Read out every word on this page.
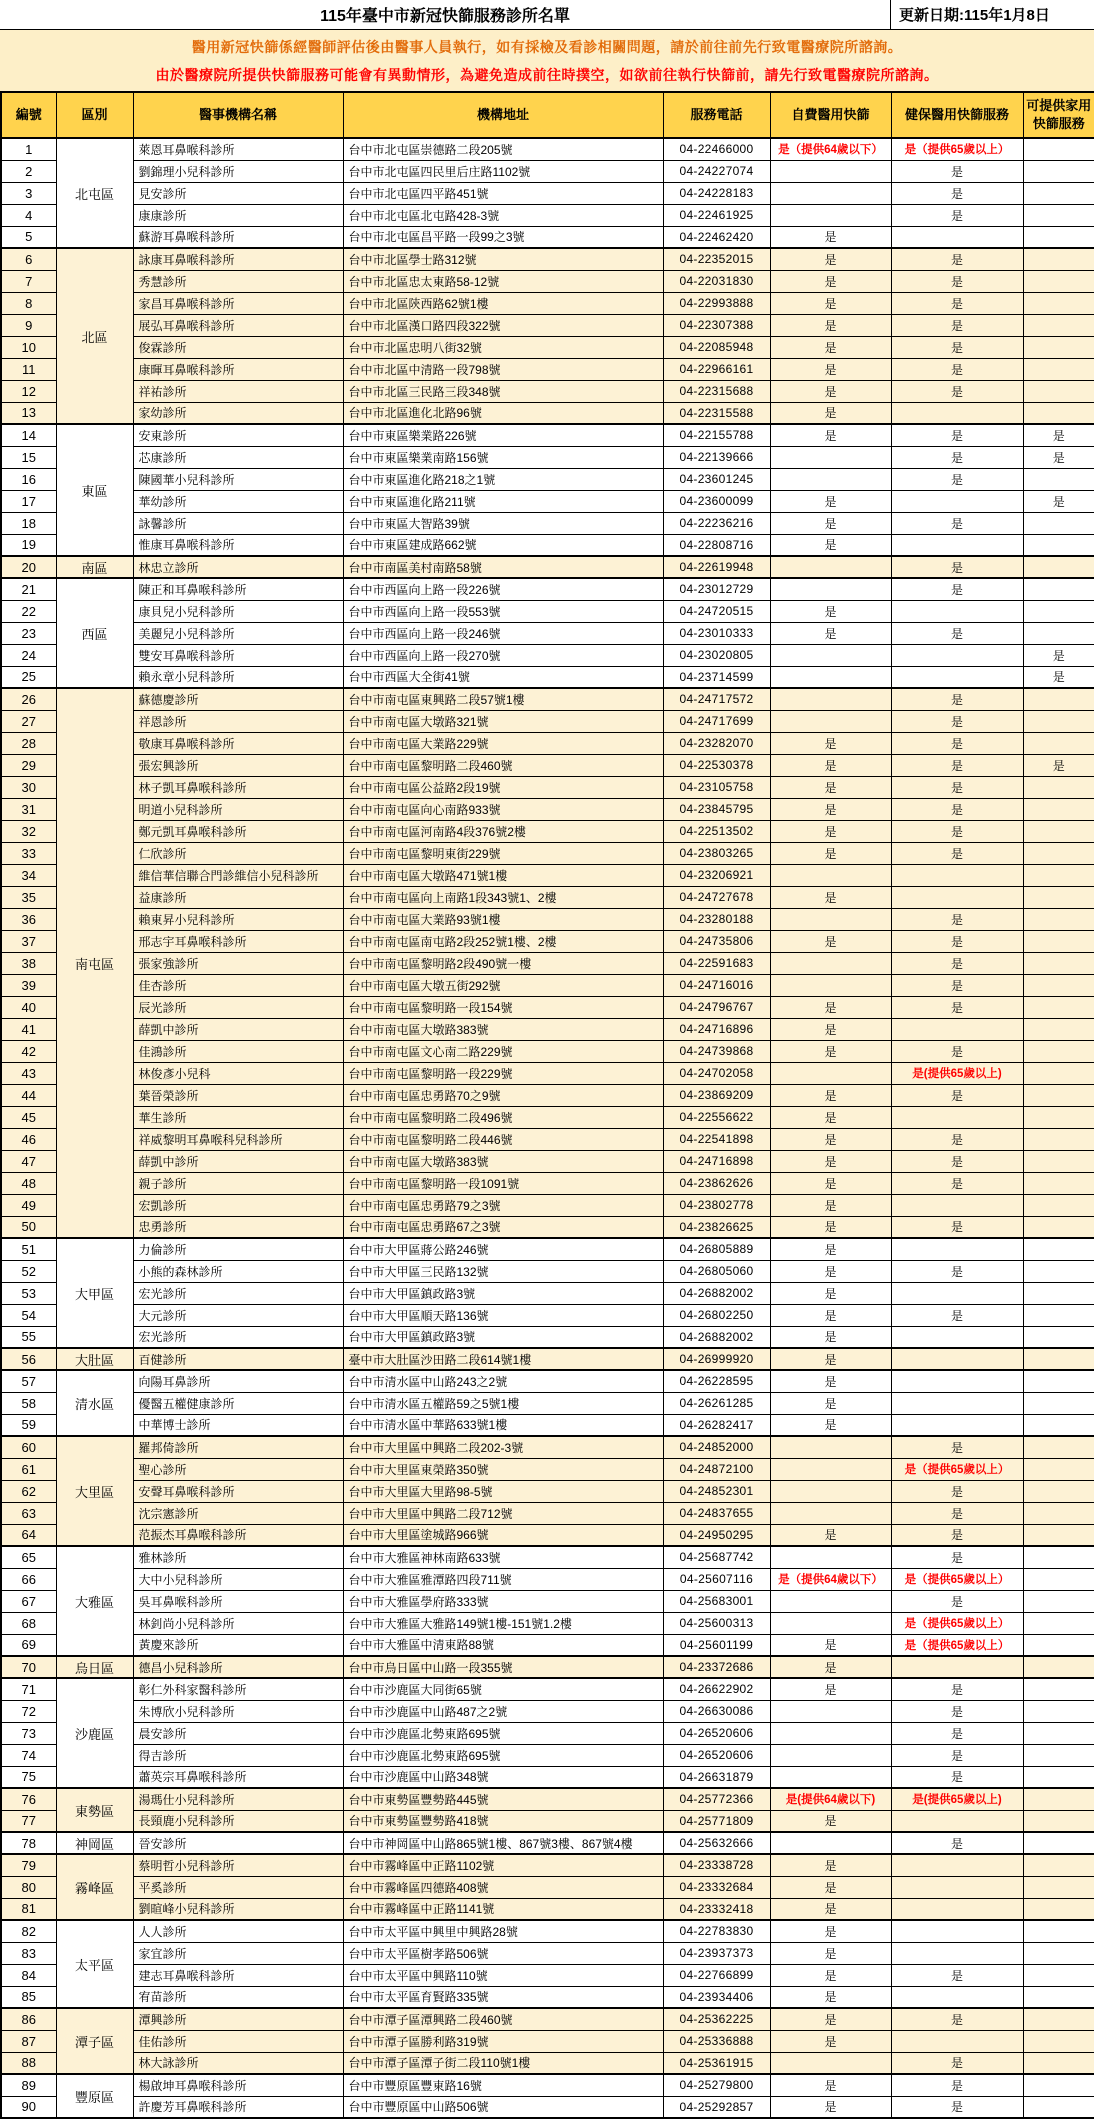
115年臺中市新冠快篩服務診所名單	更新日期:115年1月8日
醫用新冠快篩係經醫師評估後由醫事人員執行，如有採檢及看診相關問題，請於前往前先行致電醫療院所諮詢。
由於醫療院所提供快篩服務可能會有異動情形，為避免造成前往時撲空，如欲前往執行快篩前，請先行致電醫療院所諮詢。
編號	區別	醫事機構名稱	機構地址	服務電話	自費醫用快篩	健保醫用快篩服務	可提供家用快篩服務
1	北屯區	萊恩耳鼻喉科診所	台中市北屯區崇德路二段205號	04-22466000	是（提供64歲以下）	是（提供65歲以上）	
2		劉錦理小兒科診所	台中市北屯區四民里后庄路1102號	04-24227074		是	
3		見安診所	台中市北屯區四平路451號	04-24228183		是	
4		康康診所	台中市北屯區北屯路428-3號	04-22461925		是	
5		蘇游耳鼻喉科診所	台中市北屯區昌平路一段99之3號	04-22462420	是		
6	北區	詠康耳鼻喉科診所	台中市北區學士路312號	04-22352015	是	是	
7		秀慧診所	台中市北區忠太東路58-12號	04-22031830	是	是	
8		家昌耳鼻喉科診所	台中市北區陝西路62號1樓	04-22993888	是	是	
9		展弘耳鼻喉科診所	台中市北區漢口路四段322號	04-22307388	是	是	
10		俊霖診所	台中市北區忠明八街32號	04-22085948	是	是	
11		康暉耳鼻喉科診所	台中市北區中清路一段798號	04-22966161	是	是	
12		祥祐診所	台中市北區三民路三段348號	04-22315688	是	是	
13		家幼診所	台中市北區進化北路96號	04-22315588	是		
14	東區	安東診所	台中市東區樂業路226號	04-22155788	是	是	是
15		芯康診所	台中市東區樂業南路156號	04-22139666		是	是
16		陳國華小兒科診所	台中市東區進化路218之1號	04-23601245		是	
17		華幼診所	台中市東區進化路211號	04-23600099	是		是
18		詠馨診所	台中市東區大智路39號	04-22236216	是	是	
19		惟康耳鼻喉科診所	台中市東區建成路662號	04-22808716	是		
20	南區	林忠立診所	台中市南區美村南路58號	04-22619948		是	
21	西區	陳正和耳鼻喉科診所	台中市西區向上路一段226號	04-23012729		是	
22		康貝兒小兒科診所	台中市西區向上路一段553號	04-24720515	是		
23		美麗兒小兒科診所	台中市西區向上路一段246號	04-23010333	是	是	
24		雙安耳鼻喉科診所	台中市西區向上路一段270號	04-23020805			是
25		賴永章小兒科診所	台中市西區大全街41號	04-23714599			是
26	南屯區	蘇德慶診所	台中市南屯區東興路二段57號1樓	04-24717572		是	
27		祥恩診所	台中市南屯區大墩路321號	04-24717699		是	
28		敬康耳鼻喉科診所	台中市南屯區大業路229號	04-23282070	是	是	
29		張宏興診所	台中市南屯區黎明路二段460號	04-22530378	是	是	是
30		林子凱耳鼻喉科診所	台中市南屯區公益路2段19號	04-23105758	是	是	
31		明道小兒科診所	台中市南屯區向心南路933號	04-23845795	是	是	
32		鄭元凱耳鼻喉科診所	台中市南屯區河南路4段376號2樓	04-22513502	是	是	
33		仁欣診所	台中市南屯區黎明東街229號	04-23803265	是	是	
34		維信華信聯合門診維信小兒科診所	台中市南屯區大墩路471號1樓	04-23206921			
35		益康診所	台中市南屯區向上南路1段343號1、2樓	04-24727678	是		
36		賴東昇小兒科診所	台中市南屯區大業路93號1樓	04-23280188		是	
37		邢志宇耳鼻喉科診所	台中市南屯區南屯路2段252號1樓、2樓	04-24735806	是	是	
38		張家強診所	台中市南屯區黎明路2段490號一樓	04-22591683		是	
39		佳杏診所	台中市南屯區大墩五街292號	04-24716016		是	
40		辰光診所	台中市南屯區黎明路一段154號	04-24796767	是	是	
41		薛凱中診所	台中市南屯區大墩路383號	04-24716896	是		
42		佳鴻診所	台中市南屯區文心南二路229號	04-24739868	是	是	
43		林俊彥小兒科	台中市南屯區黎明路一段229號	04-24702058		是(提供65歲以上)	
44		葉晉榮診所	台中市南屯區忠勇路70之9號	04-23869209	是	是	
45		華生診所	台中市南屯區黎明路二段496號	04-22556622	是		
46		祥威黎明耳鼻喉科兒科診所	台中市南屯區黎明路二段446號	04-22541898	是	是	
47		薛凱中診所	台中市南屯區大墩路383號	04-24716898	是	是	
48		親子診所	台中市南屯區黎明路一段1091號	04-23862626	是	是	
49		宏凱診所	台中市南屯區忠勇路79之3號	04-23802778	是		
50		忠勇診所	台中市南屯區忠勇路67之3號	04-23826625	是	是	
51	大甲區	力倫診所	台中市大甲區蔣公路246號	04-26805889	是		
52		小熊的森林診所	台中市大甲區三民路132號	04-26805060	是	是	
53		宏光診所	台中市大甲區鎮政路3號	04-26882002	是		
54		大元診所	台中市大甲區順天路136號	04-26802250	是	是	
55		宏光診所	台中市大甲區鎮政路3號	04-26882002	是		
56	大肚區	百健診所	臺中市大肚區沙田路二段614號1樓	04-26999920	是		
57	清水區	向陽耳鼻診所	台中市清水區中山路243之2號	04-26228595	是		
58		優醫五權健康診所	台中市清水區五權路59之5號1樓	04-26261285	是		
59		中華博士診所	台中市清水區中華路633號1樓	04-26282417	是		
60	大里區	羅邦倚診所	台中市大里區中興路二段202-3號	04-24852000		是	
61		聖心診所	台中市大里區東榮路350號	04-24872100		是（提供65歲以上）	
62		安聲耳鼻喉科診所	台中市大里區大里路98-5號	04-24852301		是	
63		沈宗憲診所	台中市大里區中興路二段712號	04-24837655		是	
64		范振杰耳鼻喉科診所	台中市大里區塗城路966號	04-24950295	是	是	
65	大雅區	雅林診所	台中市大雅區神林南路633號	04-25687742		是	
66		大中小兒科診所	台中市大雅區雅潭路四段711號	04-25607116	是（提供64歲以下）	是（提供65歲以上）	
67		吳耳鼻喉科診所	台中市大雅區學府路333號	04-25683001		是	
68		林釗尚小兒科診所	台中市大雅區大雅路149號1樓-151號1.2樓	04-25600313		是（提供65歲以上）	
69		黃慶來診所	台中市大雅區中清東路88號	04-25601199	是	是（提供65歲以上）	
70	烏日區	德昌小兒科診所	台中市烏日區中山路一段355號	04-23372686	是		
71	沙鹿區	彰仁外科家醫科診所	台中市沙鹿區大同街65號	04-26622902	是	是	
72		朱博欣小兒科診所	台中市沙鹿區中山路487之2號	04-26630086		是	
73		晨安診所	台中市沙鹿區北勢東路695號	04-26520606		是	
74		得吉診所	台中市沙鹿區北勢東路695號	04-26520606		是	
75		蕭英宗耳鼻喉科診所	台中市沙鹿區中山路348號	04-26631879		是	
76	東勢區	湯瑪仕小兒科診所	台中市東勢區豐勢路445號	04-25772366	是(提供64歲以下)	是(提供65歲以上)	
77		長頸鹿小兒科診所	台中市東勢區豐勢路418號	04-25771809	是		
78	神岡區	晉安診所	台中市神岡區中山路865號1樓、867號3樓、867號4樓	04-25632666		是	
79	霧峰區	蔡明哲小兒科診所	台中市霧峰區中正路1102號	04-23338728	是		
80		平奚診所	台中市霧峰區四德路408號	04-23332684	是		
81		劉暄峰小兒科診所	台中市霧峰區中正路1141號	04-23332418	是		
82	太平區	人人診所	台中市太平區中興里中興路28號	04-22783830	是		
83		家宜診所	台中市太平區樹孝路506號	04-23937373	是		
84		建志耳鼻喉科診所	台中市太平區中興路110號	04-22766899	是	是	
85		宥苗診所	台中市太平區育賢路335號	04-23934406	是		
86	潭子區	潭興診所	台中市潭子區潭興路二段460號	04-25362225	是	是	
87		佳佑診所	台中市潭子區勝利路319號	04-25336888	是		
88		林大詠診所	台中市潭子區潭子街二段110號1樓	04-25361915		是	
89	豐原區	楊啟坤耳鼻喉科診所	台中市豐原區豐東路16號	04-25279800	是	是	
90		許慶芳耳鼻喉科診所	台中市豐原區中山路506號	04-25292857	是	是	
